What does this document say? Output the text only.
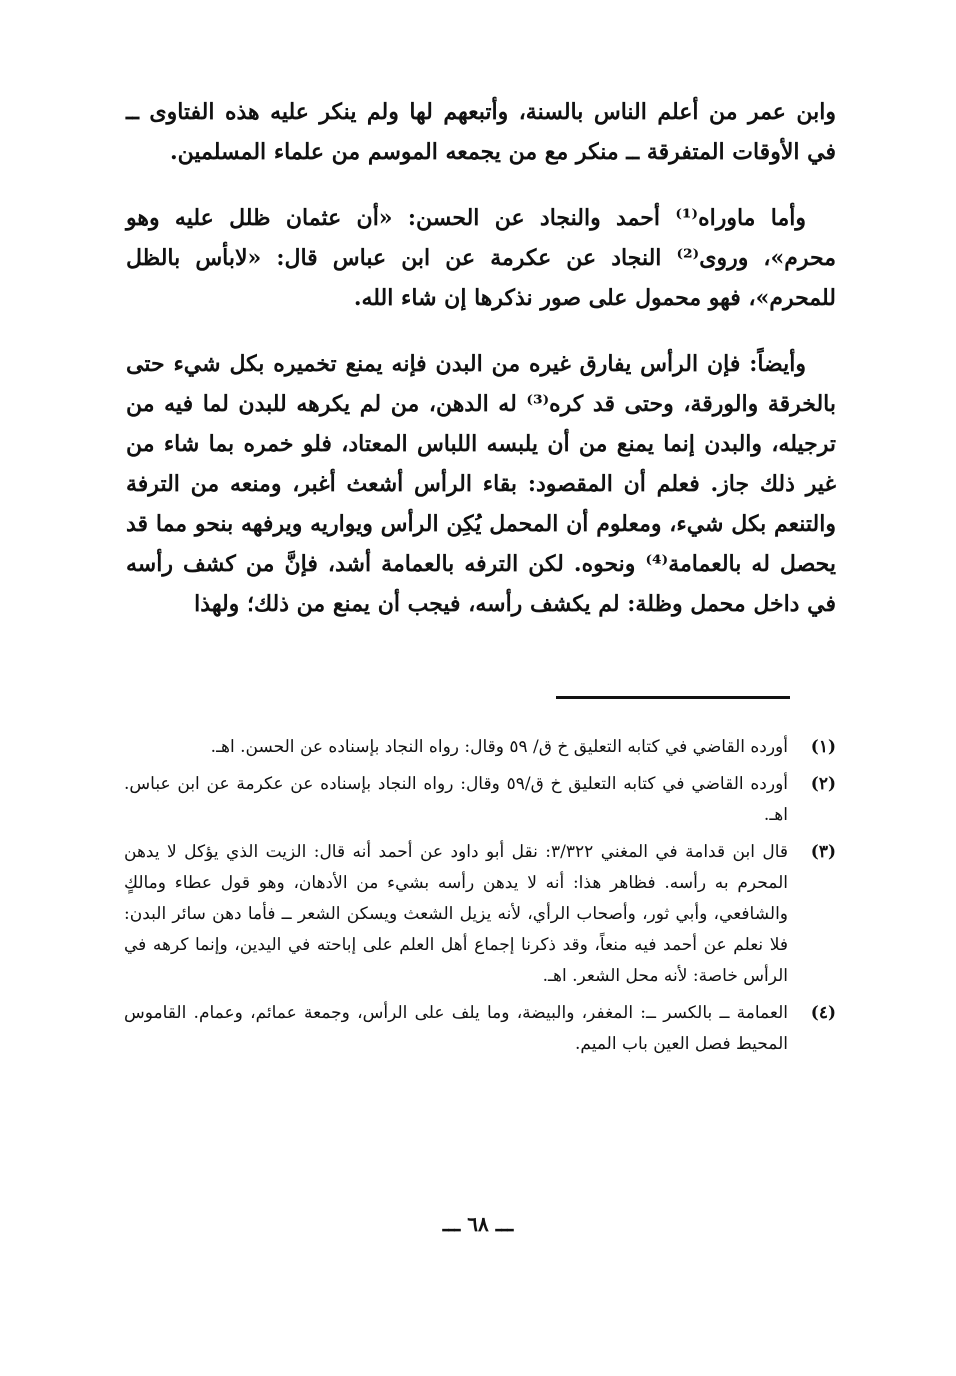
وابن عمر من أعلم الناس بالسنة، وأتبعهم لها ولم ينكر عليه هذه الفتاوى ــ في الأوقات المتفرقة ــ منكر مع من يجمعه الموسم من علماء المسلمين.

وأما ماوراه⁽¹⁾ أحمد والنجاد عن الحسن: «أن عثمان ظلل عليه وهو محرم»، وروى⁽²⁾ النجاد عن عكرمة عن ابن عباس قال: «لابأس بالظل للمحرم»، فهو محمول على صور نذكرها إن شاء الله.

وأيضاً: فإن الرأس يفارق غيره من البدن فإنه يمنع تخميره بكل شيء حتى بالخرقة والورقة، وحتى قد كره⁽³⁾ له الدهن، من لم يكرهه للبدن لما فيه من ترجيله، والبدن إنما يمنع من أن يلبسه اللباس المعتاد، فلو خمره بما شاء من غير ذلك جاز. فعلم أن المقصود: بقاء الرأس أشعث أغبر، ومنعه من الترفة والتنعم بكل شيء، ومعلوم أن المحمل يُكِن الرأس ويواريه ويرفهه بنحو مما قد يحصل له بالعمامة⁽⁴⁾ ونحوه. لكن الترفه بالعمامة أشد، فإنَّ من كشف رأسه في داخل محمل وظلة: لم يكشف رأسه، فيجب أن يمنع من ذلك؛ ولهذا

(١)
أورده القاضي في كتابه التعليق خ ق/ ٥٩ وقال: رواه النجاد بإسناده عن الحسن. اهـ.
(٢)
أورده القاضي في كتابه التعليق خ ق/٥٩ وقال: رواه النجاد بإسناده عن عكرمة عن ابن عباس. اهـ.
(٣)
قال ابن قدامة في المغني ٣/٣٢٢: نقل أبو داود عن أحمد أنه قال: الزيت الذي يؤكل لا يدهن المحرم به رأسه. فظاهر هذا: أنه لا يدهن رأسه بشيء من الأدهان، وهو قول عطاء ومالكٍ والشافعي، وأبي ثور، وأصحاب الرأي، لأنه يزيل الشعث ويسكن الشعر ــ فأما دهن سائر البدن: فلا نعلم عن أحمد فيه منعاً، وقد ذكرنا إجماع أهل العلم على إباحته في اليدين، وإنما كرهه في الرأس خاصة: لأنه محل الشعر. اهـ.
(٤)
العمامة ــ بالكسر ــ: المغفر، والبيضة، وما يلف على الرأس، وجمعة عمائم، وعمام. القاموس المحيط فصل العين باب الميم.
ـــ ٦٨ ـــ
